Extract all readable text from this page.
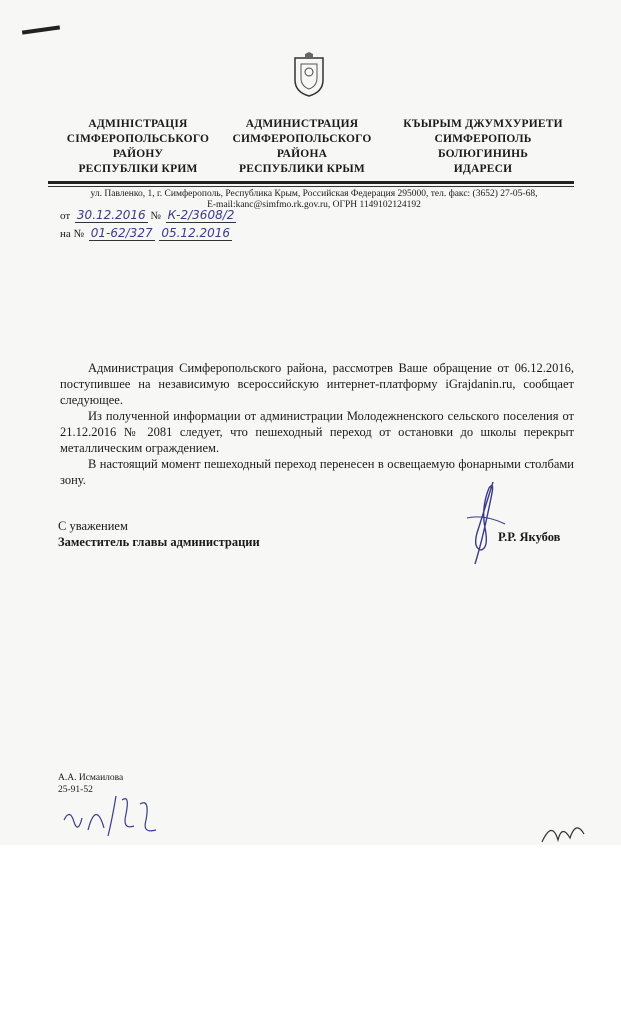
АДМІНІСТРАЦІЯ
СІМФЕРОПОЛЬСЬКОГО
РАЙОНУ
РЕСПУБЛІКИ КРИМ
АДМИНИСТРАЦИЯ
СИМФЕРОПОЛЬСКОГО
РАЙОНА
РЕСПУБЛИКИ КРЫМ
КЪЫРЫМ ДЖУМХУРИЕТИ
СИМФЕРОПОЛЬ
БОЛЮГИНИНЬ
ИДАРЕСИ
ул. Павленко, 1, г. Симферополь, Республика Крым, Российская Федерация 295000, тел. факс: (3652) 27-05-68,
E-mail:kanc@simfmo.rk.gov.ru, ОГРН 1149102124192
от 30.12.2016 № К-2/3608/2
на № 01-62/327 05.12.2016

Администрация Симферопольского района, рассмотрев Ваше обращение от 06.12.2016, поступившее на независимую всероссийскую интернет-платформу iGrajdanin.ru, сообщает следующее.

Из полученной информации от администрации Молодежненского сельского поселения от 21.12.2016 № 2081 следует, что пешеходный переход от остановки до школы перекрыт металлическим ограждением.

В настоящий момент пешеходный переход перенесен в освещаемую фонарными столбами зону.

С уважением

Заместитель главы администрации	Р.Р. Якубов
А.А. Исмаилова
25-91-52
